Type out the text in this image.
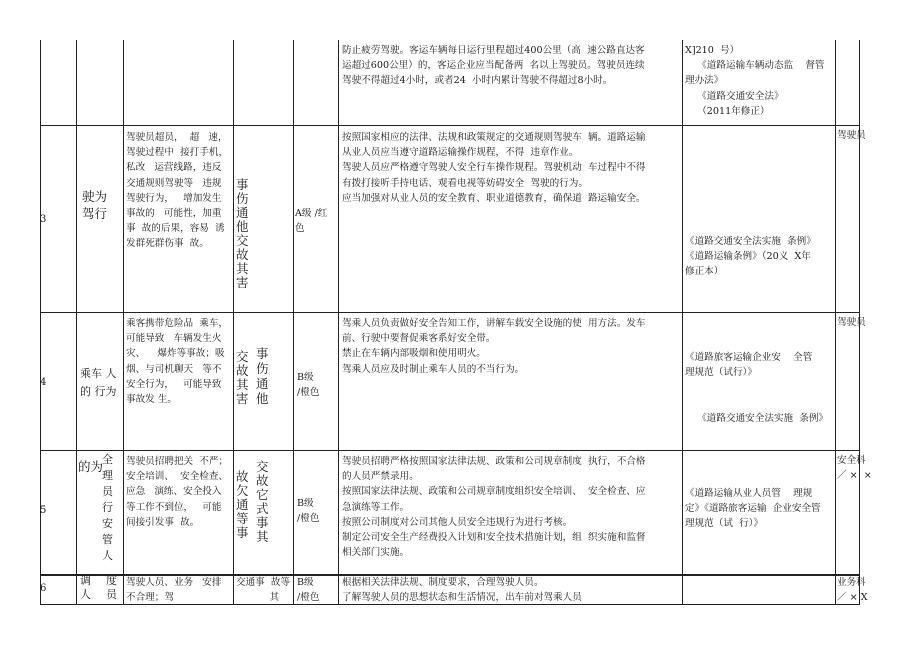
防止疲劳驾驶。客运车辆每日运行里程超过400公里（高  速公路直达客
运超过600公里）的，客运企业应当配备两  名以上驾驶员。驾驶员连续
驾驶不得超过4小时，或者24  小时内累计驾驶不得超过8小时。
X]210  号）
《道路运输车辆动态监    督管
理办法》
《道路交通安全法》
（2011年修正）
3
驶为
驾行
驾驶员超员，  超   速，
驾驶过程中  接打手机，
私改   运营线路，违反
交通规则驾驶等   违规
驾驶行为，   增加发生
事故的   可能性，加重
事  故的后果，容易  诱
发群死群伤事  故。
事
伤
通
他
交
故
其
害
A级 /红
色
按照国家相应的法律、法规和政策规定的交通规则驾驶车  辆。道路运输
从业人员应当遵守道路运输操作规程，不得  违章作业。
驾驶人员应严格遵守驾驶人安全行车操作规程。驾驶机动  车过程中不得
有拨打接听手持电话、观看电视等妨碍安全  驾驶的行为。
应当加强对从业人员的安全教育、职业道德教育，确保道  路运输安全。
《道路交通安全法实施  条例》
《道路运输条例》（20义  X年
修正本）
驾驶员
4
乘车 人
的 行为
乘客携带危险品  乘车，
可能导致   车辆发生火
灾、    爆炸等事故；吸
烟、与司机聊天   等不
安全行为，   可能导致
事故发 生。
交
故
其
害
事
伤
通
他
B级
/橙色
驾乘人员负责做好安全告知工作，讲解车载安全设施的使  用方法。发车
前、行驶中要督促乘客系好安全带。
禁止在车辆内部吸烟和使用明火。
驾乘人员应及时制止乘车人员的不当行为。
《道路旅客运输企业安    全管
理规范（试行）》

《道路交通安全法实施  条例》
驾驶员
5
的为
全
理
员
行
安
管
人
驾驶员招聘把关  不严；
安全培训、  安全检查、
应急   演练、安全投入
等工作不到位，   可能
间接引发事  故。
故
欠
通
等
事
交
故
它
式
事
其
B级
/橙色
驾驶员招聘严格按照国家法律法规、政策和公司规章制度  执行，不合格
的人员严禁录用。
按照国家法律法规、政策和公司规章制度组织安全培训、  安全检查、应
急演练等工作。
按照公司制度对公司其他人员安全违规行为进行考核。
制定公司安全生产经费投入计划和安全技术措施计划，组  织实施和监督
相关部门实施。
《道路运输从业人员管    理规
定》《道路旅客运输  企业安全管
理规范（试  行）》
安全科
／ ×  ×
6
调
人
度
员
驾驶人员、业务   安排
不合理；驾
交通事  故等
其
B级
/橙色
根据相关法律法规、制度要求，合理驾驶人员。
了解驾驶人员的思想状态和生活情况，出车前对驾乘人员
业务科
／ × X
